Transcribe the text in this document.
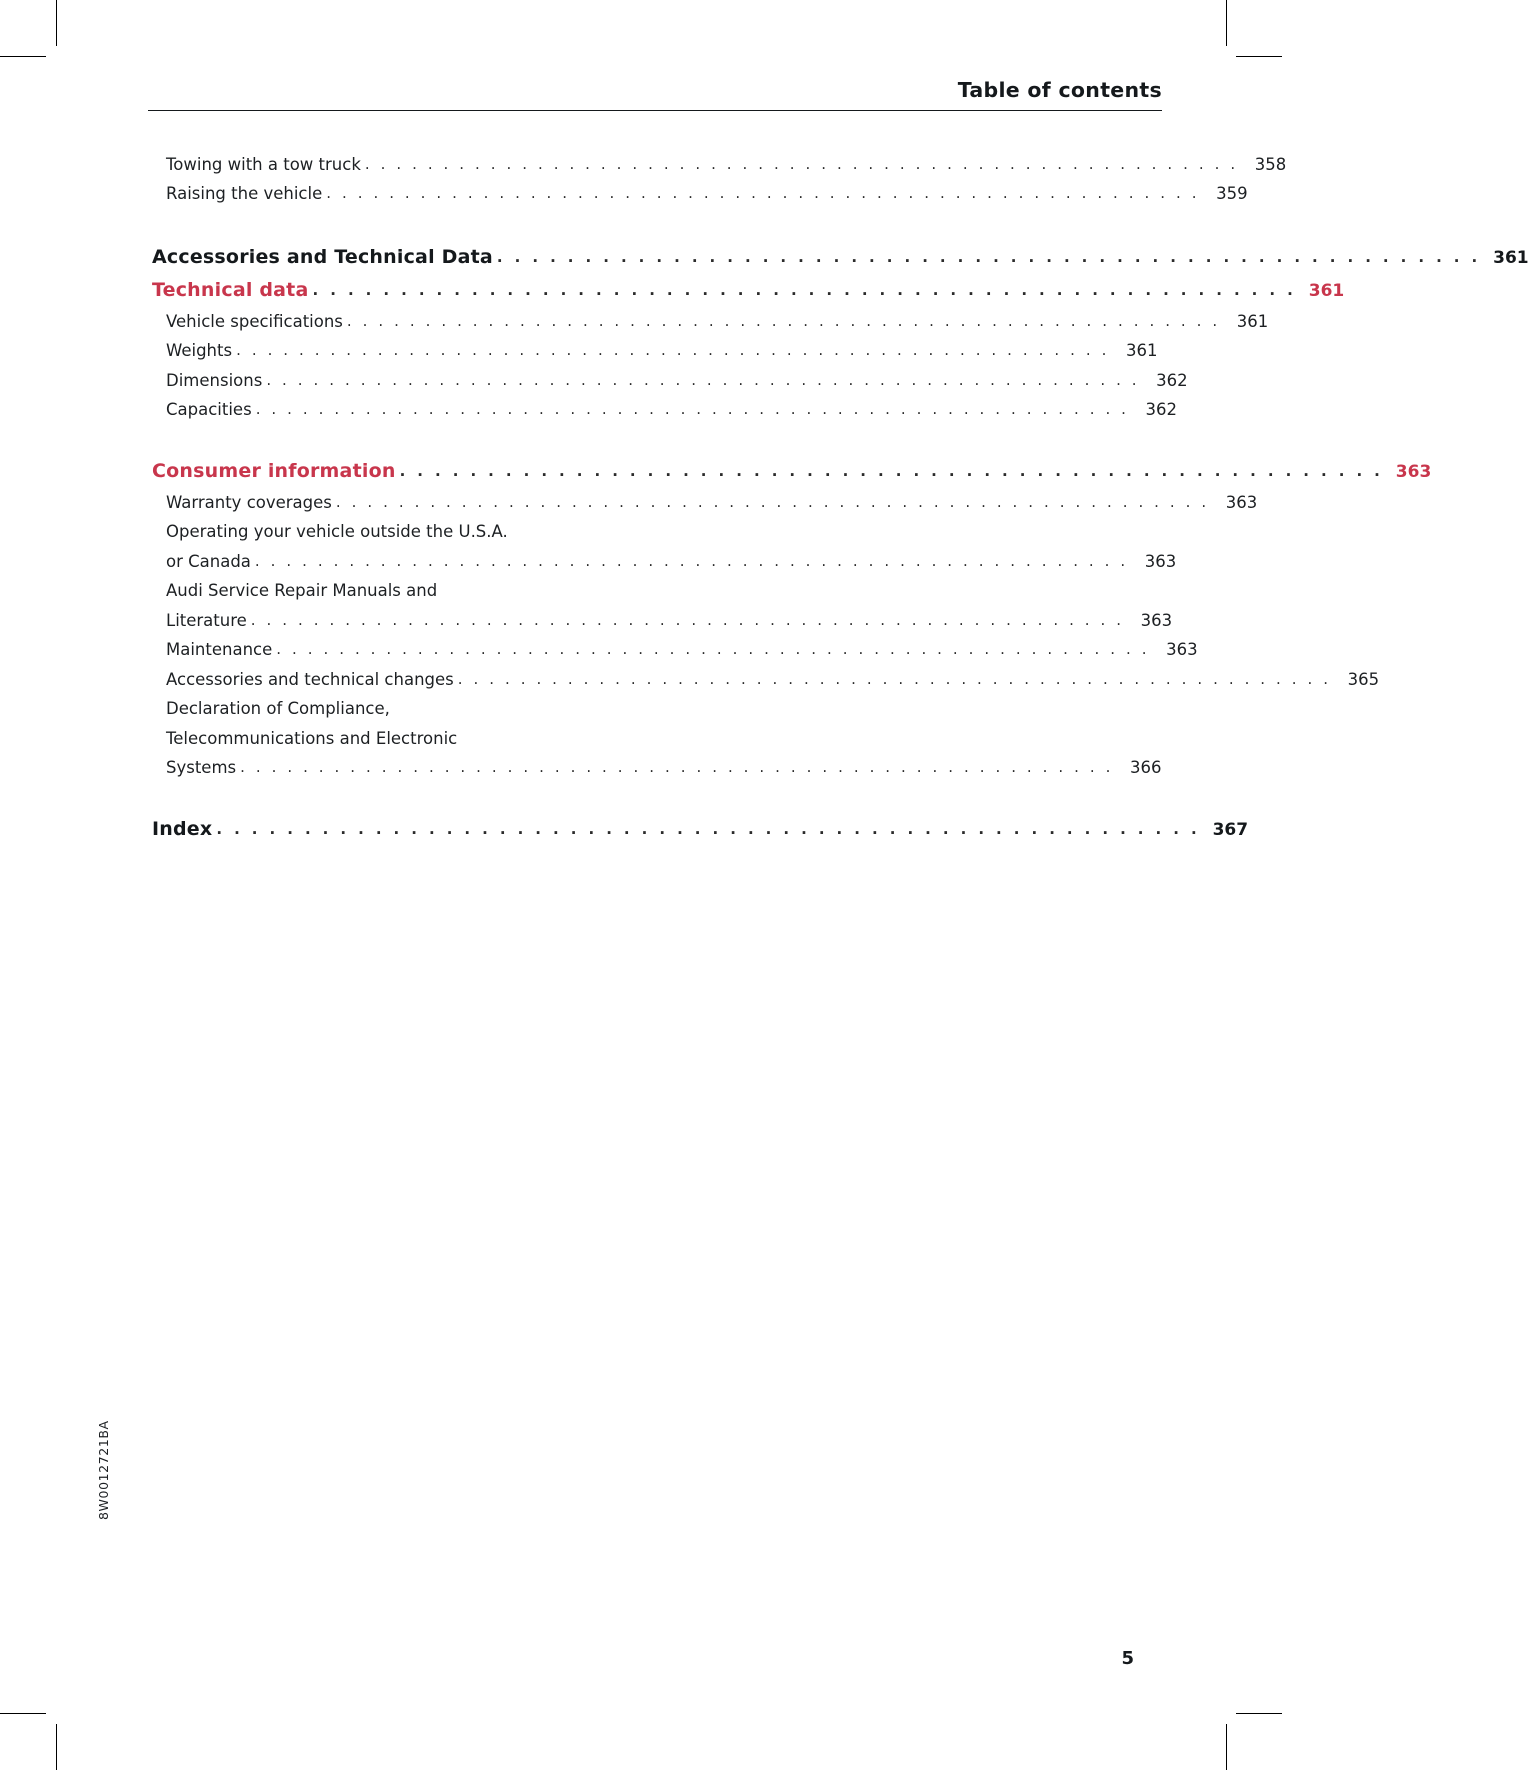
Table of contents
Towing with a tow truck . . . . . . . . . . . . . . . . . . . . . . . . . . . . . . . . . . . . . . . . . . . . . . . . . . . . . . . .	358
Raising the vehicle . . . . . . . . . . . . . . . . . . . . . . . . . . . . . . . . . . . . . . . . . . . . . . . . . . . . . . . .	359
Accessories and Technical Data . . . . . . . . . . . . . . . . . . . . . . . . . . . . . . . . . . . . . . . . . . . . . . . . . . . . . . . . 361
Technical data . . . . . . . . . . . . . . . . . . . . . . . . . . . . . . . . . . . . . . . . . . . . . . . . . . . . . . . . 361
Vehicle specifications . . . . . . . . . . . . . . . . . . . . . . . . . . . . . . . . . . . . . . . . . . . . . . . . . . . . . . . .	361
Weights . . . . . . . . . . . . . . . . . . . . . . . . . . . . . . . . . . . . . . . . . . . . . . . . . . . . . . . .	361
Dimensions . . . . . . . . . . . . . . . . . . . . . . . . . . . . . . . . . . . . . . . . . . . . . . . . . . . . . . . .	362
Capacities . . . . . . . . . . . . . . . . . . . . . . . . . . . . . . . . . . . . . . . . . . . . . . . . . . . . . . . .	362
Consumer information . . . . . . . . . . . . . . . . . . . . . . . . . . . . . . . . . . . . . . . . . . . . . . . . . . . . . . . . 363
Warranty coverages . . . . . . . . . . . . . . . . . . . . . . . . . . . . . . . . . . . . . . . . . . . . . . . . . . . . . . . .	363
Operating your vehicle outside the U.S.A.
or Canada . . . . . . . . . . . . . . . . . . . . . . . . . . . . . . . . . . . . . . . . . . . . . . . . . . . . . . . .	363
Audi Service Repair Manuals and
Literature . . . . . . . . . . . . . . . . . . . . . . . . . . . . . . . . . . . . . . . . . . . . . . . . . . . . . . . .	363
Maintenance . . . . . . . . . . . . . . . . . . . . . . . . . . . . . . . . . . . . . . . . . . . . . . . . . . . . . . . .	363
Accessories and technical changes . . . . . . . . . . . . . . . . . . . . . . . . . . . . . . . . . . . . . . . . . . . . . . . . . . . . . . . .	365
Declaration of Compliance,
Telecommunications and Electronic
Systems . . . . . . . . . . . . . . . . . . . . . . . . . . . . . . . . . . . . . . . . . . . . . . . . . . . . . . . .	366
Index . . . . . . . . . . . . . . . . . . . . . . . . . . . . . . . . . . . . . . . . . . . . . . . . . . . . . . . . 367
8W0012721BA
5
